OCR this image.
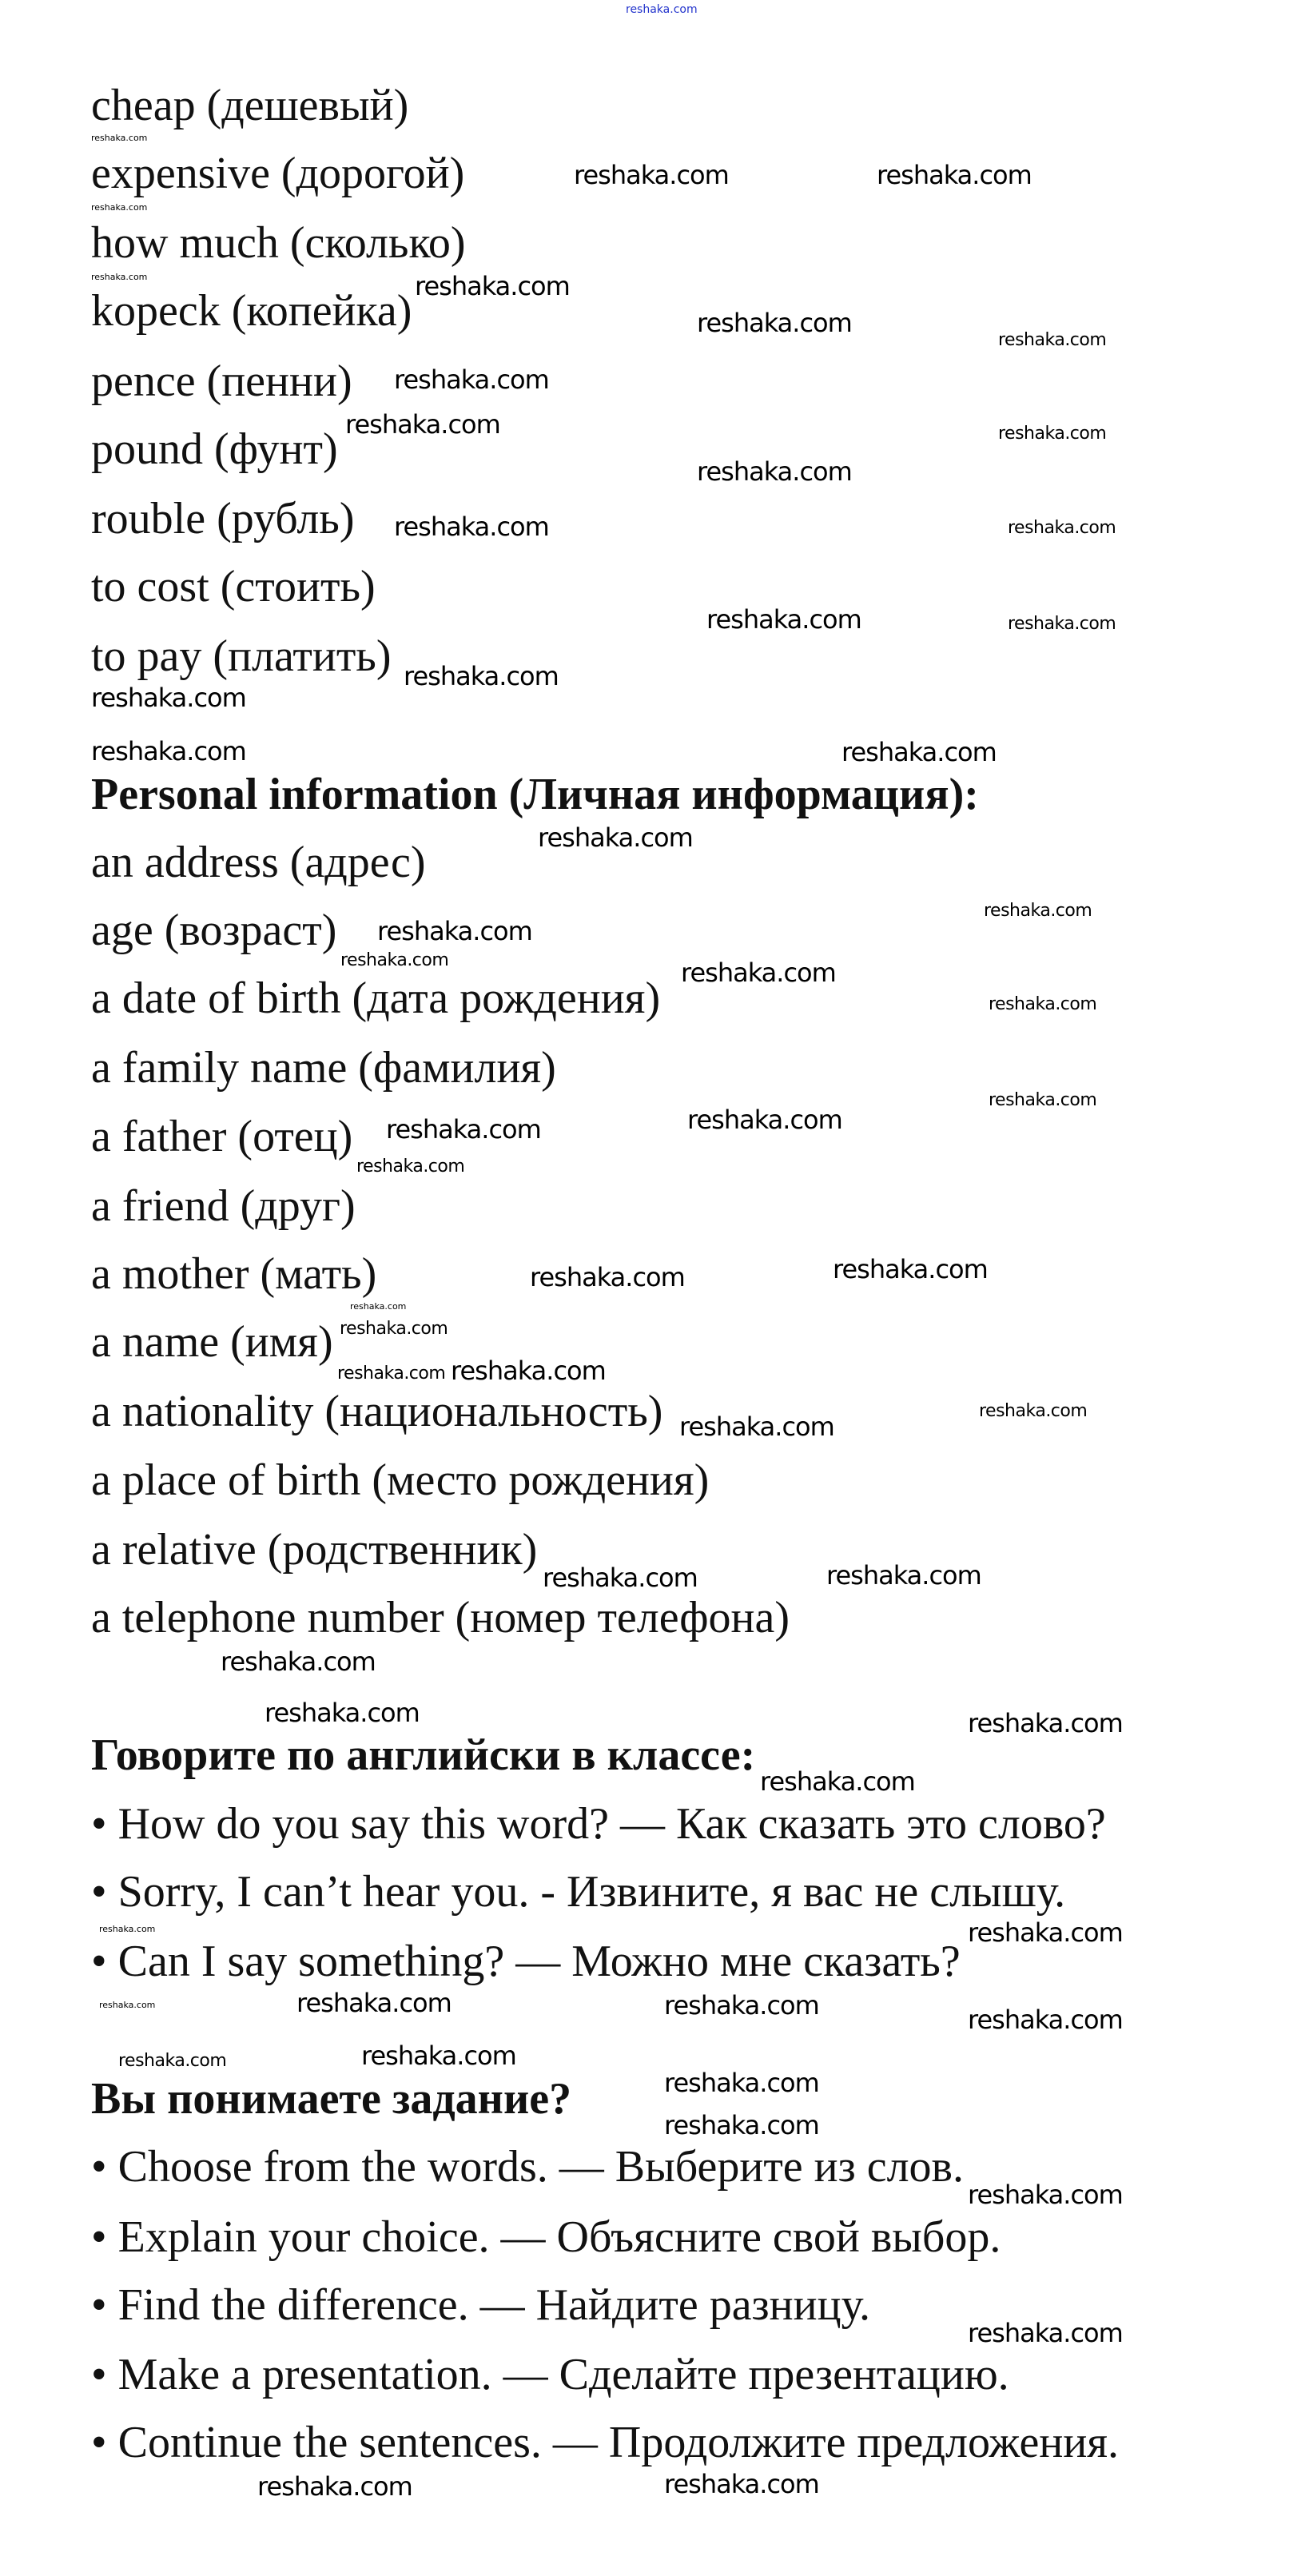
cheap (дешевый)
expensive (дорогой)
how much (сколько)
kopeck (копейка)
pence (пенни)
pound (фунт)
rouble (рубль)
to cost (стоить)
to pay (платить)
Personal information (Личная информация):
an address (адрес)
age (возраст)
a date of birth (дата рождения)
a family name (фамилия)
a father (отец)
a friend (друг)
a mother (мать)
a name (имя)
a nationality (национальность)
a place of birth (место рождения)
a relative (родственник)
a telephone number (номер телефона)
Говорите по английски в классе:
• How do you say this word? — Как сказать это слово?
• Sorry, I can’t hear you. - Извините, я вас не слышу.
• Can I say something? — Можно мне сказать?
Вы понимаете задание?
• Choose from the words. — Выберите из слов.
• Explain your choice. — Объясните свой выбор.
• Find the difference. — Найдите разницу.
• Make a presentation. — Сделайте презентацию.
• Continue the sentences. — Продолжите предложения.
reshaka.com
reshaka.com
reshaka.com
reshaka.com
reshaka.com
reshaka.com
reshaka.com
reshaka.com
reshaka.com
reshaka.com
reshaka.com
reshaka.com
reshaka.com
reshaka.com
reshaka.com
reshaka.com
reshaka.com
reshaka.com
reshaka.com
reshaka.com
reshaka.com	reshaka.com
reshaka.com
reshaka.com
reshaka.com
reshaka.com
reshaka.com
reshaka.com
reshaka.com
reshaka.com
reshaka.com
reshaka.com
reshaka.com
reshaka.com
reshaka.com
reshaka.com
reshaka.com	reshaka.com
reshaka.com	reshaka.com
reshaka.com
reshaka.com
reshaka.com	reshaka.com
reshaka.com
reshaka.com
reshaka.com
reshaka.com
reshaka.com
reshaka.com
reshaka.com
reshaka.com
reshaka.com
reshaka.com
reshaka.com
reshaka.com
reshaka.com
reshaka.com
reshaka.com
